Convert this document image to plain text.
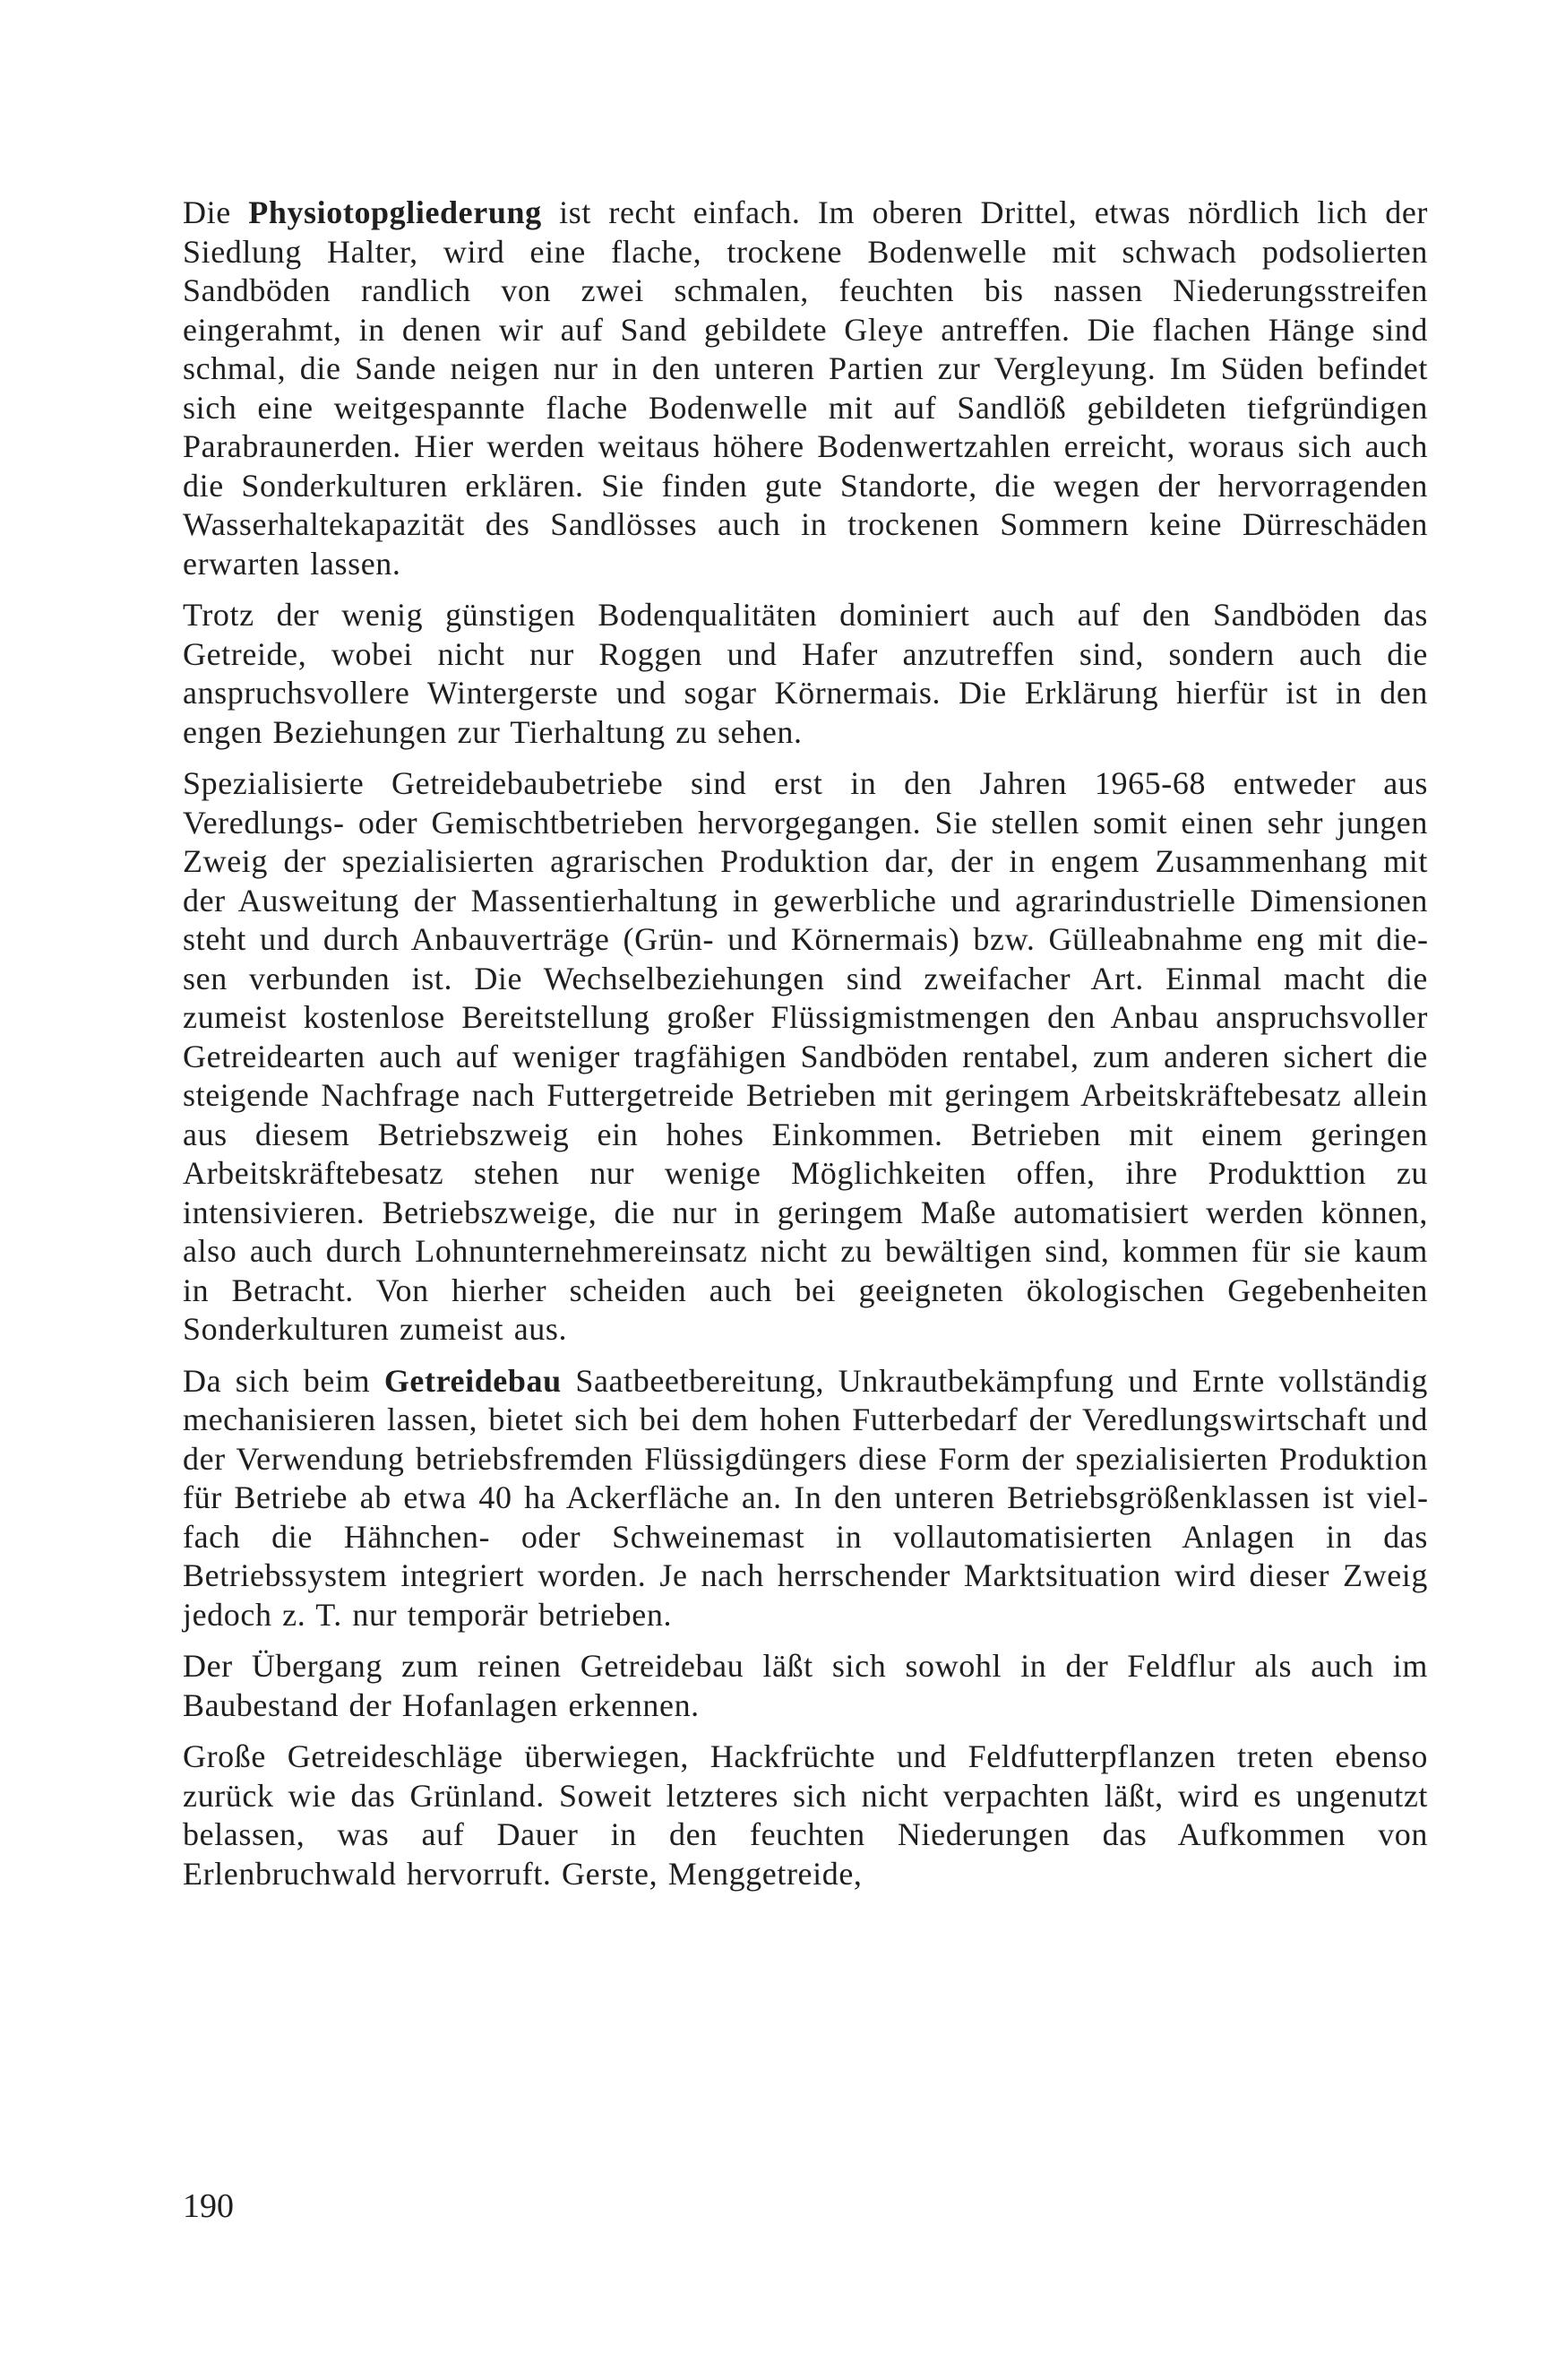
Die Physiotopgliederung ist recht einfach. Im oberen Drittel, etwas nördlich lich der Siedlung Halter, wird eine flache, trockene Bodenwelle mit schwach podsolierten Sandböden randlich von zwei schmalen, feuchten bis nassen Niederungsstreifen eingerahmt, in denen wir auf Sand gebildete Gleye antreffen. Die flachen Hänge sind schmal, die Sande neigen nur in den unteren Partien zur Vergleyung. Im Süden befindet sich eine weitgespannte flache Bodenwelle mit auf Sandlöß gebildeten tiefgründigen Parabraunerden. Hier werden weitaus höhere Bodenwertzahlen erreicht, woraus sich auch die Sonderkulturen erklären. Sie finden gute Standorte, die wegen der hervorragenden Wasserhaltekapazität des Sandlösses auch in trockenen Sommern keine Dürreschäden erwarten lassen.

Trotz der wenig günstigen Bodenqualitäten dominiert auch auf den Sandböden das Getreide, wobei nicht nur Roggen und Hafer anzutreffen sind, sondern auch die anspruchsvollere Wintergerste und sogar Körnermais. Die Erklärung hierfür ist in den engen Beziehungen zur Tierhaltung zu sehen.

Spezialisierte Getreidebaubetriebe sind erst in den Jahren 1965-68 entweder aus Veredlungs- oder Gemischtbetrieben hervorgegangen. Sie stellen somit einen sehr jungen Zweig der spezialisierten agrarischen Produktion dar, der in engem Zusammenhang mit der Ausweitung der Massentierhaltung in gewerbliche und agrarindustrielle Dimensionen steht und durch Anbauverträge (Grün- und Körnermais) bzw. Gülleabnahme eng mit diesen verbunden ist. Die Wechselbeziehungen sind zweifacher Art. Einmal macht die zumeist kostenlose Bereitstellung großer Flüssigmistmengen den Anbau anspruchsvoller Getreidearten auch auf weniger tragfähigen Sandböden rentabel, zum anderen sichert die steigende Nachfrage nach Futtergetreide Betrieben mit geringem Arbeitskräftebesatz allein aus diesem Betriebszweig ein hohes Einkommen. Betrieben mit einem geringen Arbeitskräftebesatz stehen nur wenige Möglichkeiten offen, ihre Produkttion zu intensivieren. Betriebszweige, die nur in geringem Maße automatisiert werden können, also auch durch Lohnunternehmereinsatz nicht zu bewältigen sind, kommen für sie kaum in Betracht. Von hierher scheiden auch bei geeigneten ökologischen Gegebenheiten Sonderkulturen zumeist aus.

Da sich beim Getreidebau Saatbeetbereitung, Unkrautbekämpfung und Ernte vollständig mechanisieren lassen, bietet sich bei dem hohen Futterbedarf der Veredlungswirtschaft und der Verwendung betriebsfremden Flüssigdüngers diese Form der spezialisierten Produktion für Betriebe ab etwa 40 ha Ackerfläche an. In den unteren Betriebsgrößenklassen ist vielfach die Hähnchen- oder Schweinemast in vollautomatisierten Anlagen in das Betriebssystem integriert worden. Je nach herrschender Marktsituation wird dieser Zweig jedoch z. T. nur temporär betrieben.

Der Übergang zum reinen Getreidebau läßt sich sowohl in der Feldflur als auch im Baubestand der Hofanlagen erkennen.

Große Getreideschläge überwiegen, Hackfrüchte und Feldfutterpflanzen treten ebenso zurück wie das Grünland. Soweit letzteres sich nicht verpachten läßt, wird es ungenutzt belassen, was auf Dauer in den feuchten Niederungen das Aufkommen von Erlenbruchwald hervorruft. Gerste, Menggetreide,

190
